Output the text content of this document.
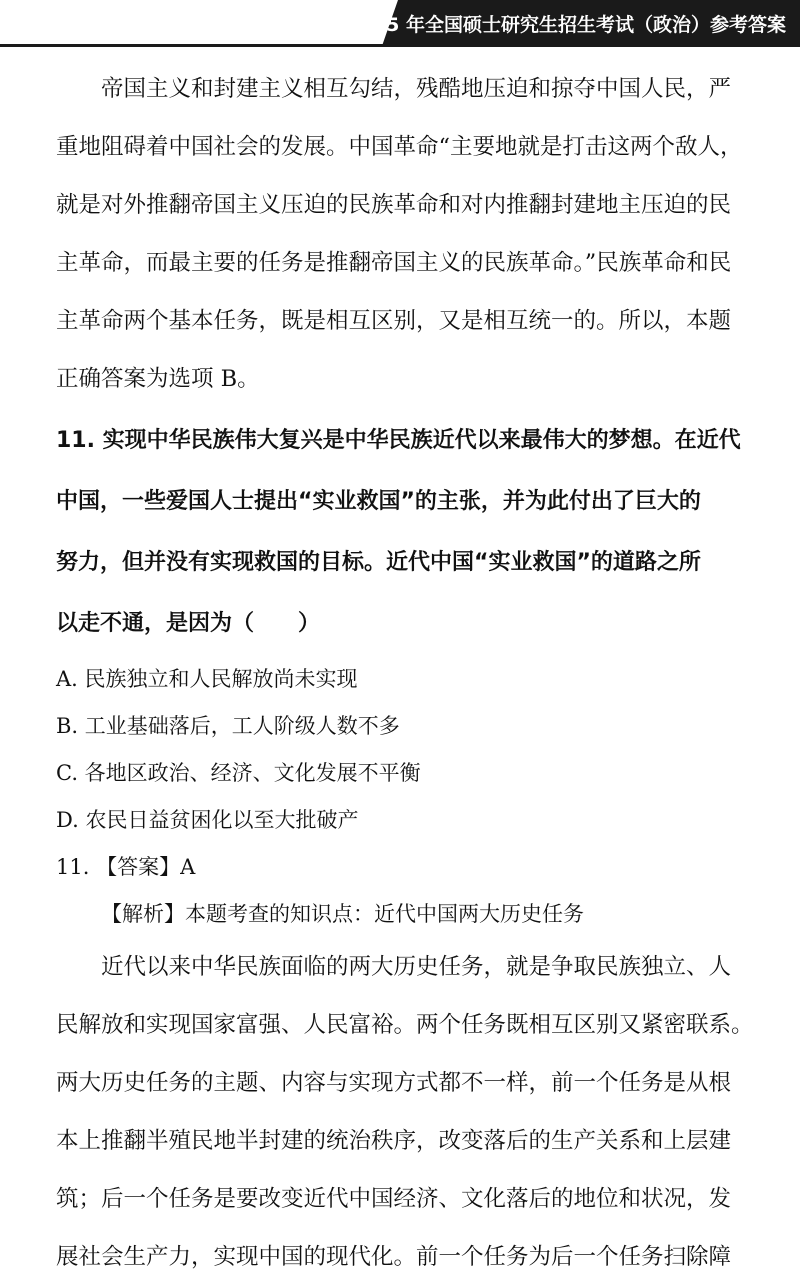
2025 年全国硕士研究生招生考试（政治）参考答案
帝国主义和封建主义相互勾结，残酷地压迫和掠夺中国人民，严
重地阻碍着中国社会的发展。中国革命“主要地就是打击这两个敌人，
就是对外推翻帝国主义压迫的民族革命和对内推翻封建地主压迫的民
主革命，而最主要的任务是推翻帝国主义的民族革命。”民族革命和民
主革命两个基本任务，既是相互区别，又是相互统一的。所以，本题
正确答案为选项 B。
11. 实现中华民族伟大复兴是中华民族近代以来最伟大的梦想。在近代
中国，一些爱国人士提出“实业救国”的主张，并为此付出了巨大的
努力，但并没有实现救国的目标。近代中国“实业救国”的道路之所
以走不通，是因为（　　）
A. 民族独立和人民解放尚未实现
B. 工业基础落后，工人阶级人数不多
C. 各地区政治、经济、文化发展不平衡
D. 农民日益贫困化以至大批破产
11. 【答案】A
【解析】本题考查的知识点：近代中国两大历史任务
近代以来中华民族面临的两大历史任务，就是争取民族独立、人
民解放和实现国家富强、人民富裕。两个任务既相互区别又紧密联系。
两大历史任务的主题、内容与实现方式都不一样，前一个任务是从根
本上推翻半殖民地半封建的统治秩序，改变落后的生产关系和上层建
筑；后一个任务是要改变近代中国经济、文化落后的地位和状况，发
展社会生产力，实现中国的现代化。前一个任务为后一个任务扫除障
